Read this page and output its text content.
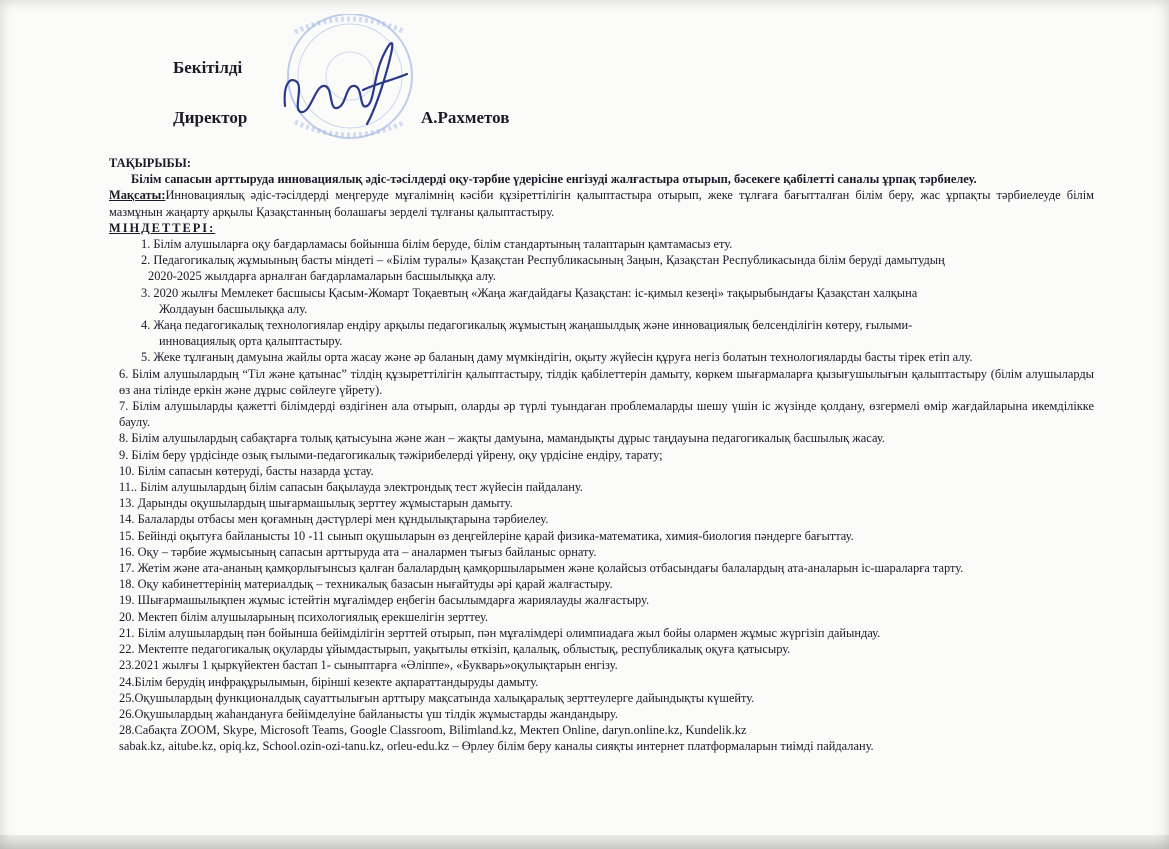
Бекітілді
Директор	А.Рахметов

ТАҚЫРЫБЫ:

Білім сапасын арттыруда инновациялық әдіс-тәсілдерді оқу-тәрбие үдерісіне енгізуді жалғастыра отырып, бәсекеге қабілетті саналы ұрпақ тәрбиелеу.

Мақсаты:Инновациялық әдіс-тәсілдерді меңгеруде мұғалімнің кәсіби құзіреттілігін қалыптастыра отырып, жеке тұлғаға бағытталған білім беру, жас ұрпақты тәрбиелеуде білім мазмұнын жаңарту арқылы Қазақстанның болашағы зерделі тұлғаны қалыптастыру.

МІНДЕТТЕРІ:

1. Білім алушыларға оқу бағдарламасы бойынша білім беруде, білім стандартының талаптарын қамтамасыз ету.
2. Педагогикалық жұмыының басты міндеті – «Білім туралы» Қазақстан Республикасының Заңын, Қазақстан Республикасында білім беруді дамытудың
2020-2025 жылдарға арналған бағдарламаларын басшылыққа алу.
3. 2020 жылғы Мемлекет басшысы Қасым-Жомарт Тоқаевтың «Жаңа жағдайдағы Қазақстан: іс-қимыл кезеңі» тақырыбындағы Қазақстан халқына
Жолдауын басшылыққа алу.
4. Жаңа педагогикалық технологиялар ендіру арқылы педагогикалық жұмыстың жаңашылдық және инновациялық белсенділігін көтеру, ғылыми-
инновациялық орта қалыптастыру.
5. Жеке тұлғаның дамуына жайлы орта жасау және әр баланың даму мүмкіндігін, оқыту жүйесін құруға негіз болатын технологияларды басты тірек етіп алу.
6. Білім алушылардың “Тіл және қатынас” тілдің құзыреттілігін қалыптастыру, тілдік қабілеттерін дамыту, көркем шығармаларға қызығушылығын қалыптастыру (білім алушыларды өз ана тілінде еркін және дұрыс сөйлеуге үйрету).
7. Білім алушыларды қажетті білімдерді өздігінен ала отырып, оларды әр түрлі туындаған проблемаларды шешу үшін іс жүзінде қолдану, өзгермелі өмір жағдайларына икемділікке баулу.
8. Білім алушылардың сабақтарға толық қатысуына және жан – жақты дамуына, мамандықты дұрыс таңдауына педагогикалық басшылық жасау.
9. Білім беру үрдісінде озық ғылыми-педагогикалық тәжірибелерді үйрену, оқу үрдісіне ендіру, тарату;
10. Білім сапасын көтеруді, басты назарда ұстау.
11.. Білім алушылардың білім сапасын бақылауда электрондық тест жүйесін пайдалану.
13. Дарынды оқушылардың шығармашылық зерттеу жұмыстарын дамыту.
14. Балаларды отбасы мен қоғамның дәстүрлері мен құндылықтарына тәрбиелеу.
15. Бейінді оқытуға байланысты 10 -11 сынып оқушыларын өз деңгейлеріне қарай физика-математика, химия-биология пәндерге бағыттау.
16. Оқу – тәрбие жұмысының сапасын арттыруда ата – аналармен тығыз байланыс орнату.
17. Жетім және ата-ананың қамқорлығынсыз қалған балалардың қамқоршыларымен және қолайсыз отбасындағы балалардың ата-аналарын іс-шараларға тарту.
18. Оқу кабинеттерінің материалдық – техникалық базасын нығайтуды әрі қарай жалғастыру.
19. Шығармашылықпен жұмыс істейтін мұғалімдер еңбегін басылымдарға жариялауды жалғастыру.
20. Мектеп білім алушыларының психологиялық ерекшелігін зерттеу.
21. Білім алушылардың пән бойынша бейімділігін зерттей отырып, пән мұғалімдері олимпиадаға жыл бойы олармен жұмыс жүргізіп дайындау.
22. Мектепте педагогикалық оқуларды ұйымдастырып, уақытылы өткізіп, қалалық, облыстық, республикалық оқуға қатысыру.
23.2021 жылғы 1 қыркүйектен бастап 1- сыныптарға «Әліппе», «Букварь»оқулықтарын енгізу.
24.Білім берудің инфрақұрылымын, бірінші кезекте ақпараттандыруды дамыту.
25.Оқушылардың функционалдық сауаттылығын арттыру мақсатында халықаралық зерттеулерге дайындықты күшейту.
26.Оқушылардың жаһандануға бейімделуіне байланысты үш тілдік жұмыстарды жандандыру.
28.Сабақта ZOOM, Skype, Microsoft Teams, Google Classroom, Bilimland.kz, Мектеп Online, daryn.online.kz, Kundelik.kz
sabak.kz, aitube.kz, opiq.kz, School.ozin-ozi-tanu.kz, orleu-edu.kz – Өрлеу білім беру каналы сияқты интернет платформаларын тиімді пайдалану.
